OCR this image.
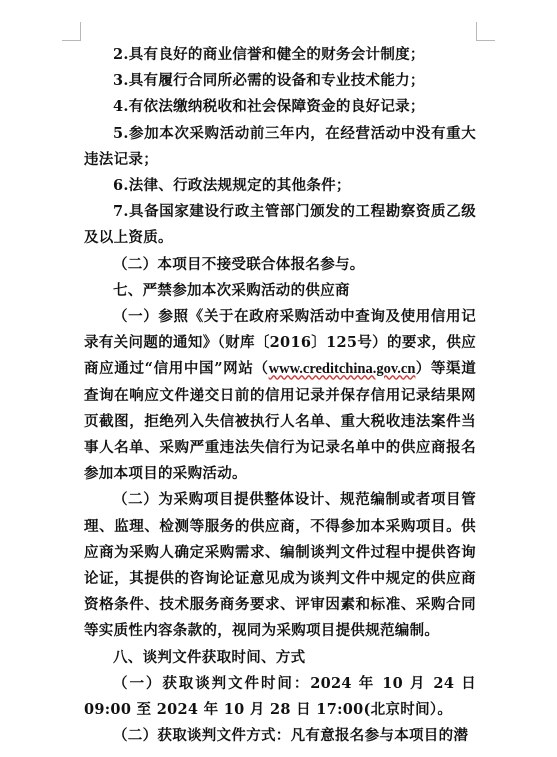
2.具有良好的商业信誉和健全的财务会计制度；

3.具有履行合同所必需的设备和专业技术能力；

4.有依法缴纳税收和社会保障资金的良好记录；

5.参加本次采购活动前三年内，在经营活动中没有重大违法记录；

6.法律、行政法规规定的其他条件；

7.具备国家建设行政主管部门颁发的工程勘察资质乙级及以上资质。

（二）本项目不接受联合体报名参与。

七、严禁参加本次采购活动的供应商

（一）参照《关于在政府采购活动中查询及使用信用记录有关问题的通知》（财库〔2016〕125号）的要求，供应商应通过“信用中国”网站（www.creditchina.gov.cn）等渠道查询在响应文件递交日前的信用记录并保存信用记录结果网页截图，拒绝列入失信被执行人名单、重大税收违法案件当事人名单、采购严重违法失信行为记录名单中的供应商报名参加本项目的采购活动。

（二）为采购项目提供整体设计、规范编制或者项目管理、监理、检测等服务的供应商，不得参加本采购项目。供应商为采购人确定采购需求、编制谈判文件过程中提供咨询论证，其提供的咨询论证意见成为谈判文件中规定的供应商资格条件、技术服务商务要求、评审因素和标准、采购合同等实质性内容条款的，视同为采购项目提供规范编制。

八、谈判文件获取时间、方式

（一）获取谈判文件时间：2024 年 10 月 24 日 09:00 至 2024 年 10 月 28 日 17:00(北京时间）。

（二）获取谈判文件方式：凡有意报名参与本项目的潜
